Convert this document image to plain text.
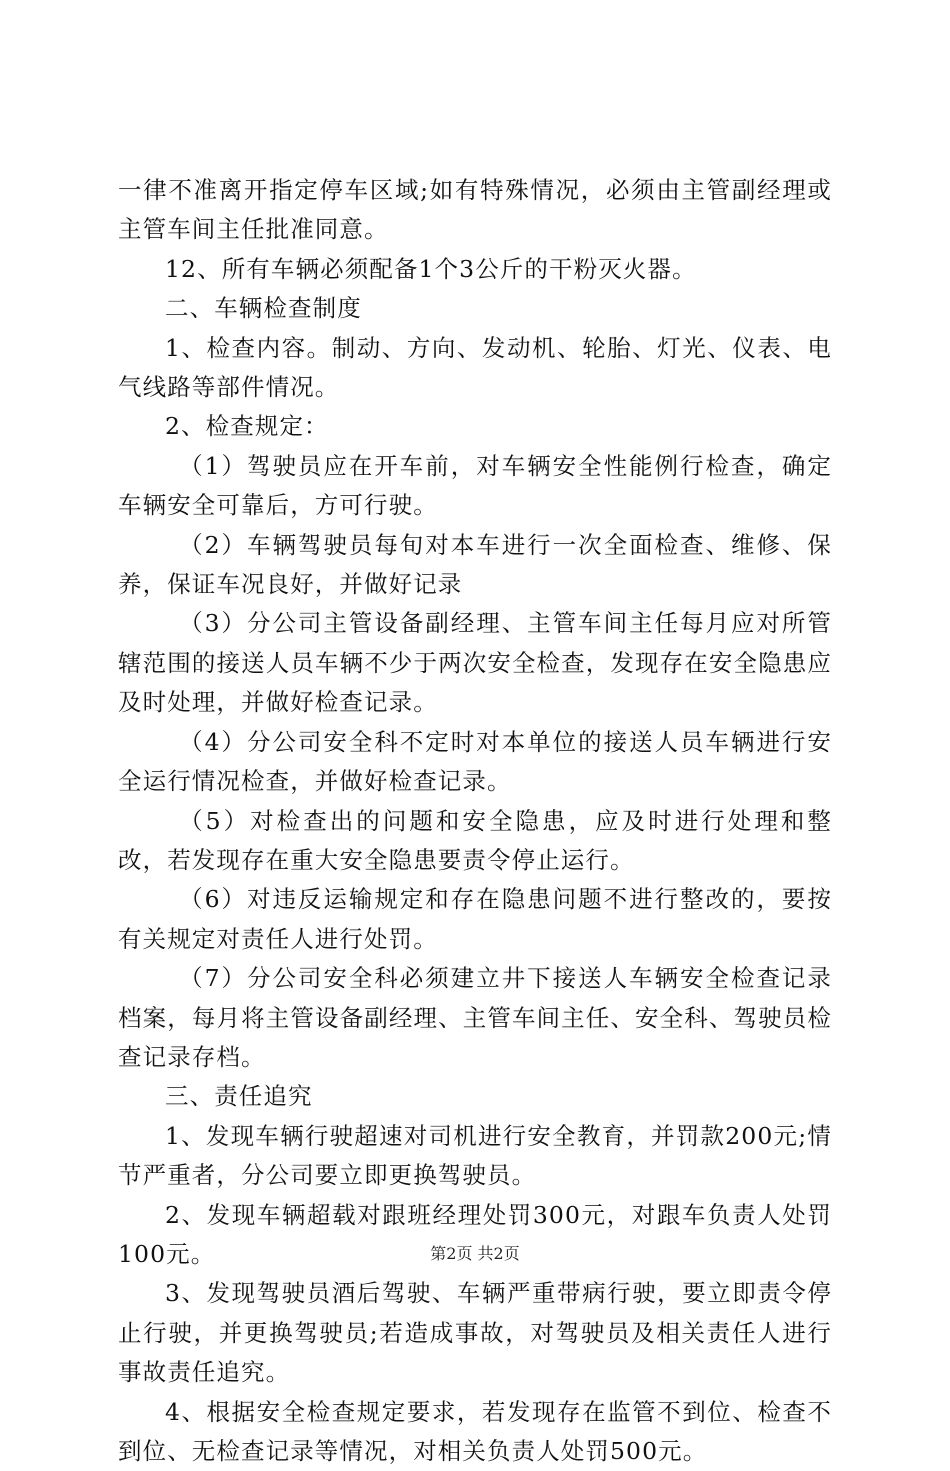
一律不准离开指定停车区域;如有特殊情况，必须由主管副经理或主管车间主任批准同意。

12、所有车辆必须配备1个3公斤的干粉灭火器。

二、车辆检查制度

1、检查内容。制动、方向、发动机、轮胎、灯光、仪表、电气线路等部件情况。

2、检查规定：

（1）驾驶员应在开车前，对车辆安全性能例行检查，确定车辆安全可靠后，方可行驶。

（2）车辆驾驶员每旬对本车进行一次全面检查、维修、保养，保证车况良好，并做好记录

（3）分公司主管设备副经理、主管车间主任每月应对所管辖范围的接送人员车辆不少于两次安全检查，发现存在安全隐患应及时处理，并做好检查记录。

（4）分公司安全科不定时对本单位的接送人员车辆进行安全运行情况检查，并做好检查记录。

（5）对检查出的问题和安全隐患，应及时进行处理和整改，若发现存在重大安全隐患要责令停止运行。

（6）对违反运输规定和存在隐患问题不进行整改的，要按有关规定对责任人进行处罚。

（7）分公司安全科必须建立井下接送人车辆安全检查记录档案，每月将主管设备副经理、主管车间主任、安全科、驾驶员检查记录存档。

三、责任追究

1、发现车辆行驶超速对司机进行安全教育，并罚款200元;情节严重者，分公司要立即更换驾驶员。

2、发现车辆超载对跟班经理处罚300元，对跟车负责人处罚100元。

3、发现驾驶员酒后驾驶、车辆严重带病行驶，要立即责令停止行驶，并更换驾驶员;若造成事故，对驾驶员及相关责任人进行事故责任追究。

4、根据安全检查规定要求，若发现存在监管不到位、检查不到位、无检查记录等情况，对相关负责人处罚500元。

第2页 共2页
